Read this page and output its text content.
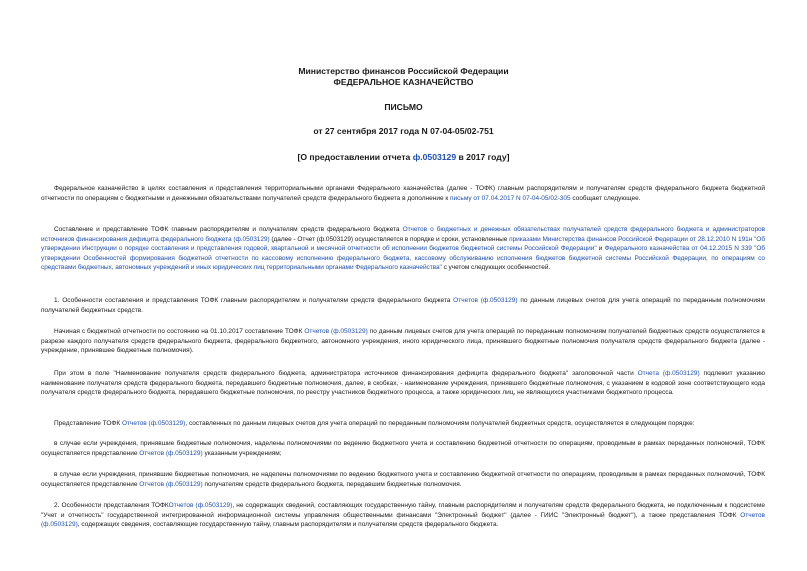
Министерство финансов Российской Федерации
ФЕДЕРАЛЬНОЕ КАЗНАЧЕЙСТВО
ПИСЬМО
от 27 сентября 2017 года N 07-04-05/02-751
[О предоставлении отчета ф.0503129 в 2017 году]

Федеральное казначейство в целях составления и представления территориальными органами Федерального казначейства (далее - ТОФК) главным распорядителям и получателям средств федерального бюджета бюджетной отчетности по операциям с бюджетными и денежными обязательствами получателей средств федерального бюджета в дополнение к письму от 07.04.2017 N 07-04-05/02-305 сообщает следующее.

Составление и представление ТОФК главным распорядителям и получателям средств федерального бюджета Отчетов о бюджетных и денежных обязательствах получателей средств федерального бюджета и администраторов источников финансирования дефицита федерального бюджета (ф.0503129) (далее - Отчет (ф.0503129) осуществляется в порядке и сроки, установленные приказами Министерства финансов Российской Федерации от 28.12.2010 N 191н "Об утверждении Инструкции о порядке составления и представления годовой, квартальной и месячной отчетности об исполнении бюджетов бюджетной системы Российской Федерации" и Федерального казначейства от 04.12.2015 N 339 "Об утверждении Особенностей формирования бюджетной отчетности по кассовому исполнению федерального бюджета, кассовому обслуживанию исполнения бюджетов бюджетной системы Российской Федерации, по операциям со средствами бюджетных, автономных учреждений и иных юридических лиц территориальными органами Федерального казначейства" с учетом следующих особенностей.

1. Особенности составления и представления ТОФК главным распорядителям и получателям средств федерального бюджета Отчетов (ф.0503129) по данным лицевых счетов для учета операций по переданным полномочиям получателей бюджетных средств.

Начиная с бюджетной отчетности по состоянию на 01.10.2017 составление ТОФК Отчетов (ф.0503129) по данным лицевых счетов для учета операций по переданным полномочиям получателей бюджетных средств осуществляется в разрезе каждого получателя средств федерального бюджета, федерального бюджетного, автономного учреждения, иного юридического лица, принявшего бюджетные полномочия получателя средств федерального бюджета (далее - учреждение, принявшее бюджетные полномочия).

При этом в поле "Наименование получателя средств федерального бюджета, администратора источников финансирования дефицита федерального бюджета" заголовочной части Отчета (ф.0503129) подлежит указанию наименование получателя средств федерального бюджета, передавшего бюджетные полномочия, далее, в скобках, - наименование учреждения, принявшего бюджетные полномочия, с указанием в кодовой зоне соответствующего кода получателя средств федерального бюджета, передавшего бюджетные полномочия, по реестру участников бюджетного процесса, а также юридических лиц, не являющихся участниками бюджетного процесса.

Представление ТОФК Отчетов (ф.0503129), составленных по данным лицевых счетов для учета операций по переданным полномочиям получателей бюджетных средств, осуществляется в следующем порядке:

в случае если учреждения, принявшие бюджетные полномочия, наделены полномочиями по ведению бюджетного учета и составлению бюджетной отчетности по операциям, проводимым в рамках переданных полномочий, ТОФК осуществляется представление Отчетов (ф.0503129) указанным учреждениям;

в случае если учреждения, принявшие бюджетные полномочия, не наделены полномочиями по ведению бюджетного учета и составлению бюджетной отчетности по операциям, проводимым в рамках переданных полномочий, ТОФК осуществляется представление Отчетов (ф.0503129) получателям средств федерального бюджета, передавшим бюджетные полномочия.

2. Особенности представления ТОФКОтчетов (ф.0503129), не содержащих сведений, составляющих государственную тайну, главным распорядителям и получателям средств федерального бюджета, не подключенным к подсистеме "Учет и отчетность" государственной интегрированной информационной системы управления общественными финансами "Электронный бюджет" (далее - ГИИС "Электронный бюджет"), а также представления ТОФК Отчетов (ф.0503129), содержащих сведения, составляющие государственную тайну, главным распорядителям и получателям средств федерального бюджета.
